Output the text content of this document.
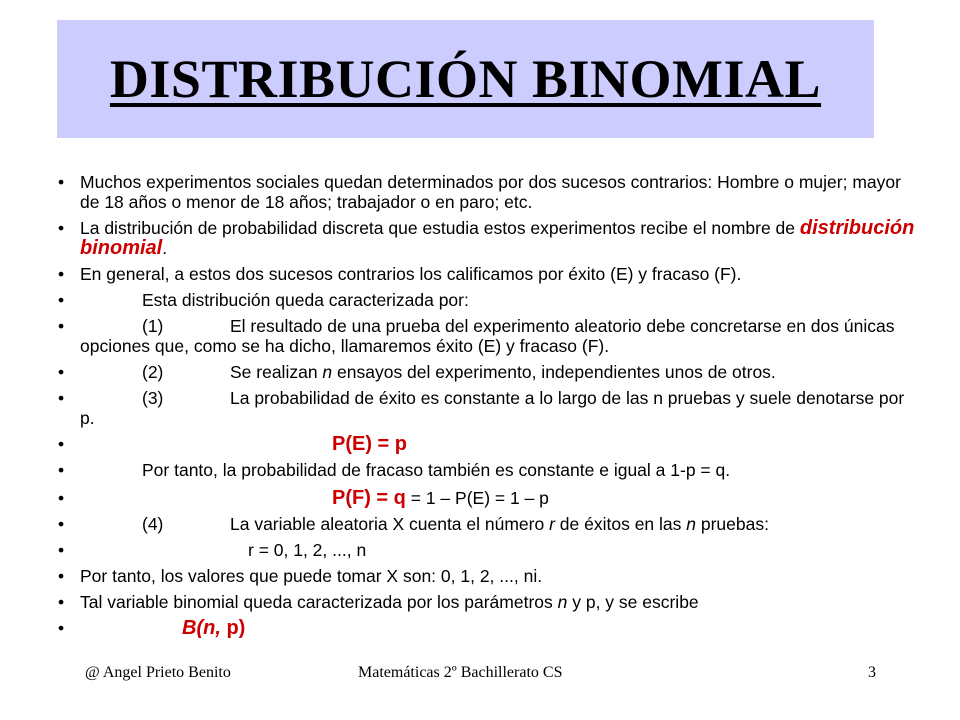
DISTRIBUCIÓN BINOMIAL
• Muchos experimentos sociales quedan determinados por dos sucesos contrarios: Hombre o mujer; mayor de 18 años o menor de 18 años; trabajador o en paro; etc.
• La distribución de probabilidad discreta que estudia estos experimentos recibe el nombre de distribución binomial.
• En general, a estos dos sucesos contrarios los calificamos por éxito (E) y fracaso (F).
•	Esta distribución queda caracterizada por:
•	(1)	El resultado de una prueba del experimento aleatorio debe concretarse en dos únicas opciones que, como se ha dicho, llamaremos éxito (E) y fracaso (F).
•	(2)	Se realizan n ensayos del experimento, independientes unos de otros.
•	(3)	La probabilidad de éxito es constante a lo largo de las n pruebas y suele denotarse por p.
•	P(E) = p
•	Por tanto, la probabilidad de fracaso también es constante e igual a 1-p = q.
•	P(F) = q = 1 – P(E) = 1 – p
•	(4)	La variable aleatoria X cuenta el número r de éxitos en las n pruebas:
•	r = 0, 1, 2, ..., n
• Por tanto, los valores que puede tomar X son: 0, 1, 2, ..., ni.
• Tal variable binomial queda caracterizada por los parámetros n y p, y se escribe
•	B(n, p)
@ Angel Prieto Benito	Matemáticas 2º Bachillerato CS	3
